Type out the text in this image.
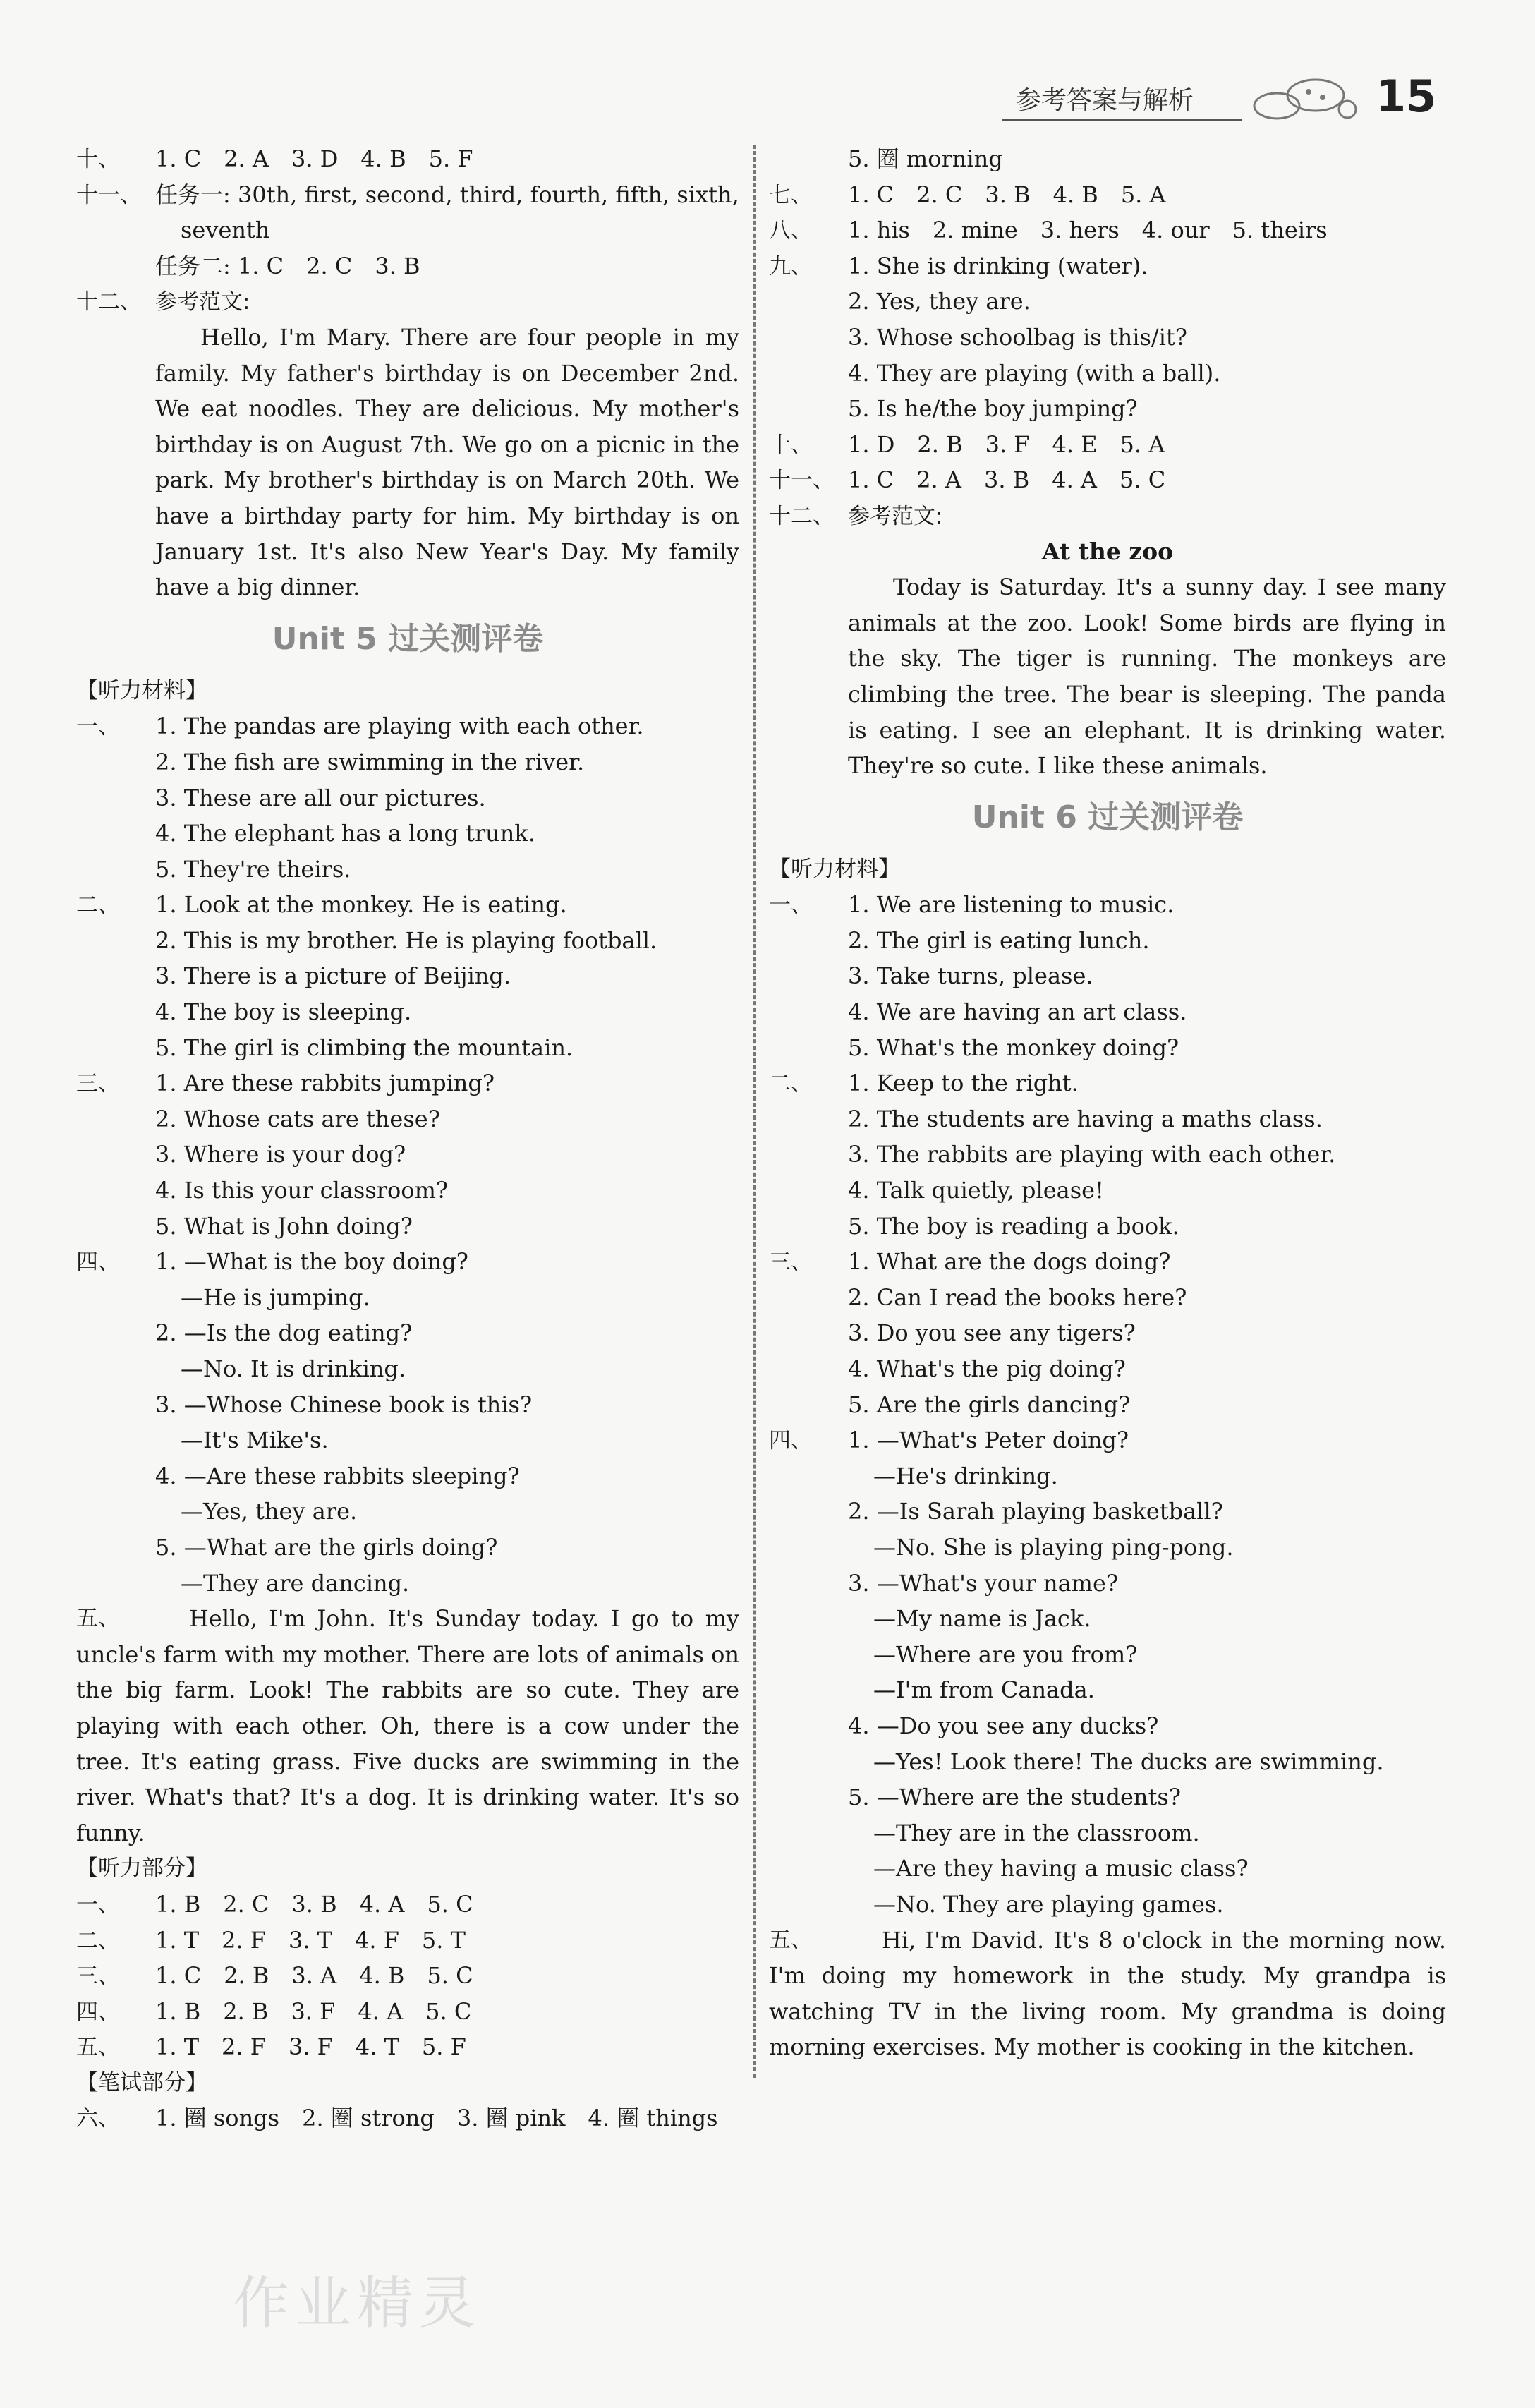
参考答案与解析	15
十、 1. C　2. A　3. D　4. B　5. F
十一、 任务一: 30th, first, second, third, fourth, fifth, sixth,
seventh
任务二: 1. C　2. C　3. B
十二、 参考范文:
Hello, I'm Mary. There are four people in my family. My father's birthday is on December 2nd. We eat noodles. They are delicious. My mother's birthday is on August 7th. We go on a picnic in the park. My brother's birthday is on March 20th. We have a birthday party for him. My birthday is on January 1st. It's also New Year's Day. My family have a big dinner.
Unit 5 过关测评卷
【听力材料】
一、 1. The pandas are playing with each other.
2. The fish are swimming in the river.
3. These are all our pictures.
4. The elephant has a long trunk.
5. They're theirs.
二、 1. Look at the monkey. He is eating.
2. This is my brother. He is playing football.
3. There is a picture of Beijing.
4. The boy is sleeping.
5. The girl is climbing the mountain.
三、 1. Are these rabbits jumping?
2. Whose cats are these?
3. Where is your dog?
4. Is this your classroom?
5. What is John doing?
四、 1. —What is the boy doing?
—He is jumping.
2. —Is the dog eating?
—No. It is drinking.
3. —Whose Chinese book is this?
—It's Mike's.
4. —Are these rabbits sleeping?
—Yes, they are.
5. —What are the girls doing?
—They are dancing.
五、	Hello, I'm John. It's Sunday today. I go to my uncle's farm with my mother. There are lots of animals on the big farm. Look! The rabbits are so cute. They are playing with each other. Oh, there is a cow under the tree. It's eating grass. Five ducks are swimming in the river. What's that? It's a dog. It is drinking water. It's so funny.
【听力部分】
一、 1. B　2. C　3. B　4. A　5. C
二、 1. T　2. F　3. T　4. F　5. T
三、 1. C　2. B　3. A　4. B　5. C
四、 1. B　2. B　3. F　4. A　5. C
五、 1. T　2. F　3. F　4. T　5. F
【笔试部分】
六、 1. 圈 songs　2. 圈 strong　3. 圈 pink　4. 圈 things
5. 圈 morning
七、 1. C　2. C　3. B　4. B　5. A
八、 1. his　2. mine　3. hers　4. our　5. theirs
九、 1. She is drinking (water).
2. Yes, they are.
3. Whose schoolbag is this/it?
4. They are playing (with a ball).
5. Is he/the boy jumping?
十、 1. D　2. B　3. F　4. E　5. A
十一、 1. C　2. A　3. B　4. A　5. C
十二、 参考范文:
At the zoo
Today is Saturday. It's a sunny day. I see many animals at the zoo. Look! Some birds are flying in the sky. The tiger is running. The monkeys are climbing the tree. The bear is sleeping. The panda is eating. I see an elephant. It is drinking water. They're so cute. I like these animals.
Unit 6 过关测评卷
【听力材料】
一、 1. We are listening to music.
2. The girl is eating lunch.
3. Take turns, please.
4. We are having an art class.
5. What's the monkey doing?
二、 1. Keep to the right.
2. The students are having a maths class.
3. The rabbits are playing with each other.
4. Talk quietly, please!
5. The boy is reading a book.
三、 1. What are the dogs doing?
2. Can I read the books here?
3. Do you see any tigers?
4. What's the pig doing?
5. Are the girls dancing?
四、 1. —What's Peter doing?
—He's drinking.
2. —Is Sarah playing basketball?
—No. She is playing ping-pong.
3. —What's your name?
—My name is Jack.
—Where are you from?
—I'm from Canada.
4. —Do you see any ducks?
—Yes! Look there! The ducks are swimming.
5. —Where are the students?
—They are in the classroom.
—Are they having a music class?
—No. They are playing games.
五、	Hi, I'm David. It's 8 o'clock in the morning now. I'm doing my homework in the study. My grandpa is watching TV in the living room. My grandma is doing morning exercises. My mother is cooking in the kitchen.
作业精灵
